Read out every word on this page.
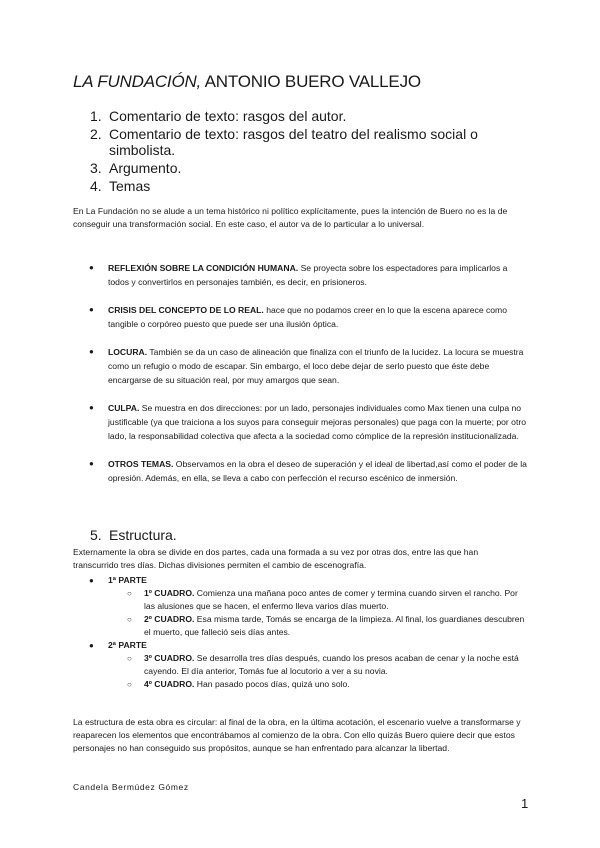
LA FUNDACIÓN, ANTONIO BUERO VALLEJO
1. Comentario de texto: rasgos del autor.
2. Comentario de texto: rasgos del teatro del realismo social o simbolista.
3. Argumento.
4. Temas
En La Fundación no se alude a un tema histórico ni político explícitamente, pues la intención de Buero no es la de conseguir una transformación social. En este caso, el autor va de lo particular a lo universal.
● REFLEXIÓN SOBRE LA CONDICIÓN HUMANA. Se proyecta sobre los espectadores para implicarlos a todos y convertirlos en personajes también, es decir, en prisioneros.
● CRISIS DEL CONCEPTO DE LO REAL. hace que no podamos creer en lo que la escena aparece como tangible o corpóreo puesto que puede ser una ilusión óptica.
● LOCURA. También se da un caso de alineación que finaliza con el triunfo de la lucidez. La locura se muestra como un refugio o modo de escapar. Sin embargo, el loco debe dejar de serlo puesto que éste debe encargarse de su situación real, por muy amargos que sean.
● CULPA. Se muestra en dos direcciones: por un lado, personajes individuales como Max tienen una culpa no justificable (ya que traiciona a los suyos para conseguir mejoras personales) que paga con la muerte; por otro lado, la responsabilidad colectiva que afecta a la sociedad como cómplice de la represión institucionalizada.
● OTROS TEMAS. Observamos en la obra el deseo de superación y el ideal de libertad,así como el poder de la opresión. Además, en ella, se lleva a cabo con perfección el recurso escénico de inmersión.
5. Estructura.
Externamente la obra se divide en dos partes, cada una formada a su vez por otras dos, entre las que han transcurrido tres días. Dichas divisiones permiten el cambio de escenografía.
● 1ª PARTE
○ 1º CUADRO. Comienza una mañana poco antes de comer y termina cuando sirven el rancho. Por las alusiones que se hacen, el enfermo lleva varios días muerto.
○ 2º CUADRO. Esa misma tarde, Tomás se encarga de la limpieza. Al final, los guardianes descubren el muerto, que falleció seis días antes.
● 2ª PARTE
○ 3º CUADRO. Se desarrolla tres días después, cuando los presos acaban de cenar y la noche está cayendo. El día anterior, Tomás fue al locutorio a ver a su novia.
○ 4º CUADRO. Han pasado pocos días, quizá uno solo.
La estructura de esta obra es circular: al final de la obra, en la última acotación, el escenario vuelve a transformarse y reaparecen los elementos que encontrábamos al comienzo de la obra. Con ello quizás Buero quiere decir que estos personajes no han conseguido sus propósitos, aunque se han enfrentado para alcanzar la libertad.
Candela Bermúdez Gómez
1
